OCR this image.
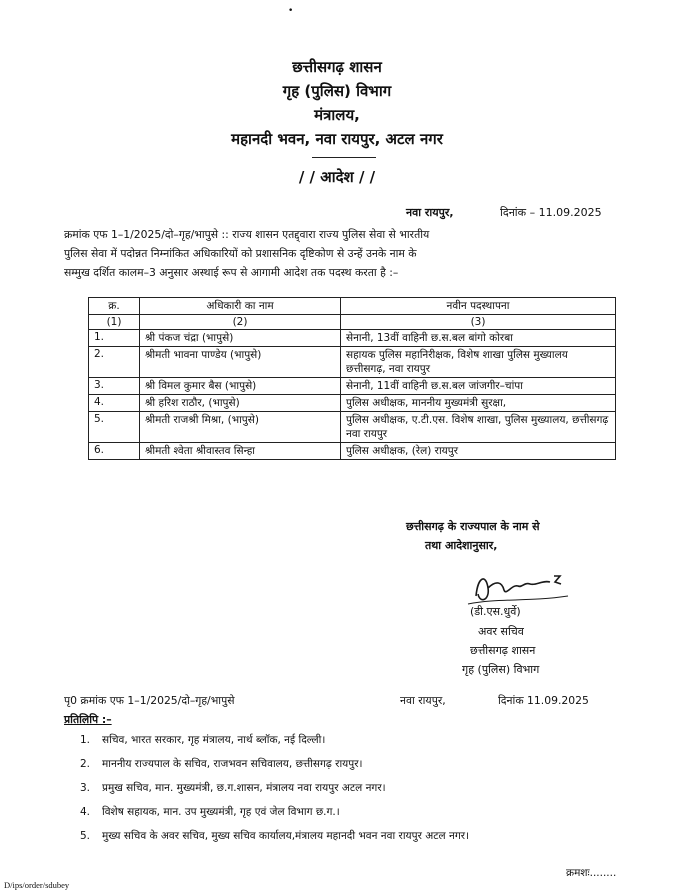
•
छत्तीसगढ़ शासन
गृह (पुलिस) विभाग
मंत्रालय,
महानदी भवन, नवा रायपुर, अटल नगर
/ / आदेश / /
नवा रायपुर,	दिनांक – 11.09.2025
क्रमांक एफ 1–1/2025/दो–गृह/भापुसे :: राज्य शासन एतद्द्वारा राज्य पुलिस सेवा से भारतीय
पुलिस सेवा में पदोन्नत निम्नांकित अधिकारियों को प्रशासनिक दृष्टिकोण से उन्हें उनके नाम के
सम्मुख दर्शित कालम–3 अनुसार अस्थाई रूप से आगामी आदेश तक पदस्थ करता है :–
क्र.	अधिकारी का नाम	नवीन पदस्थापना
(1)	(2)	(3)
1.	श्री पंकज चंद्रा (भापुसे)	सेनानी, 13वीं वाहिनी छ.स.बल बांगो कोरबा
2.	श्रीमती भावना पाण्डेय (भापुसे)	सहायक पुलिस महानिरीक्षक, विशेष शाखा पुलिस मुख्यालय छत्तीसगढ़, नवा रायपुर
3.	श्री विमल कुमार बैस (भापुसे)	सेनानी, 11वीं वाहिनी छ.स.बल जांजगीर–चांपा
4.	श्री हरिश राठौर, (भापुसे)	पुलिस अधीक्षक, माननीय मुख्यमंत्री सुरक्षा,
5.	श्रीमती राजश्री मिश्रा, (भापुसे)	पुलिस अधीक्षक, ए.टी.एस. विशेष शाखा, पुलिस मुख्यालय, छत्तीसगढ़ नवा रायपुर
6.	श्रीमती श्वेता श्रीवास्तव सिन्हा	पुलिस अधीक्षक, (रेल) रायपुर
छत्तीसगढ़ के राज्यपाल के नाम से
तथा आदेशानुसार,
(डी.एस.धुर्वे)
अवर सचिव
छत्तीसगढ़ शासन
गृह (पुलिस) विभाग
पृ0 क्रमांक एफ 1–1/2025/दो–गृह/भापुसे	नवा रायपुर,	दिनांक 11.09.2025
प्रतिलिपि :–
1.	सचिव, भारत सरकार, गृह मंत्रालय, नार्थ ब्लॉक, नई दिल्ली।
2.	माननीय राज्यपाल के सचिव, राजभवन सचिवालय, छत्तीसगढ़ रायपुर।
3.	प्रमुख सचिव, मान. मुख्यमंत्री, छ.ग.शासन, मंत्रालय नवा रायपुर अटल नगर।
4.	विशेष सहायक, मान. उप मुख्यमंत्री, गृह एवं जेल विभाग छ.ग.।
5.	मुख्य सचिव के अवर सचिव, मुख्य सचिव कार्यालय,मंत्रालय महानदी भवन नवा रायपुर अटल नगर।
क्रमशः........
D/ips/order/sdubey
